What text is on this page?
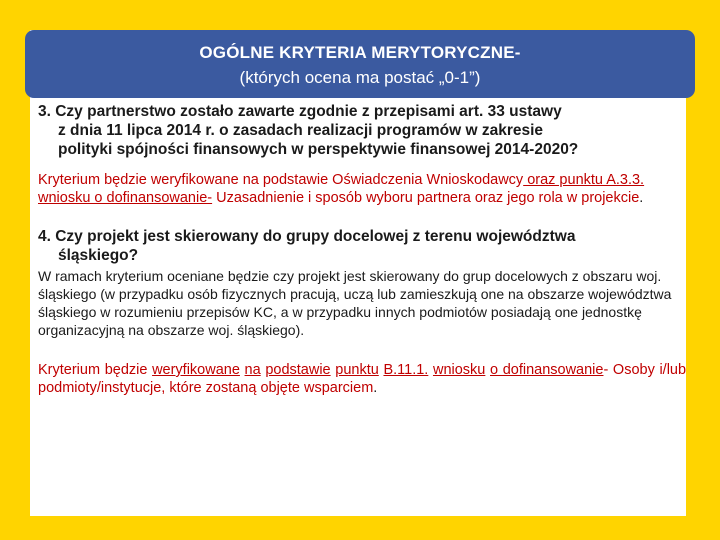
OGÓLNE KRYTERIA MERYTORYCZNE-
(których ocena ma postać „0-1”)
3. Czy partnerstwo zostało zawarte zgodnie z przepisami art. 33 ustawy
z dnia 11 lipca 2014 r. o zasadach realizacji programów w zakresie
polityki spójności finansowych w perspektywie finansowej 2014-2020?

Kryterium będzie weryfikowane na podstawie Oświadczenia Wnioskodawcy oraz punktu A.3.3. wniosku o dofinansowanie- Uzasadnienie i sposób wyboru partnera oraz jego rola w projekcie.

4. Czy projekt jest skierowany do grupy docelowej z terenu województwa
śląskiego?

W ramach kryterium oceniane będzie czy projekt jest skierowany do grup docelowych z obszaru woj. śląskiego (w przypadku osób fizycznych pracują, uczą lub zamieszkują one na obszarze województwa śląskiego w rozumieniu przepisów KC, a w przypadku innych podmiotów posiadają one jednostkę organizacyjną na obszarze woj. śląskiego).

Kryterium będzie weryfikowane na podstawie punktu B.11.1. wniosku o dofinansowanie- Osoby i/lub podmioty/instytucje, które zostaną objęte wsparciem.
